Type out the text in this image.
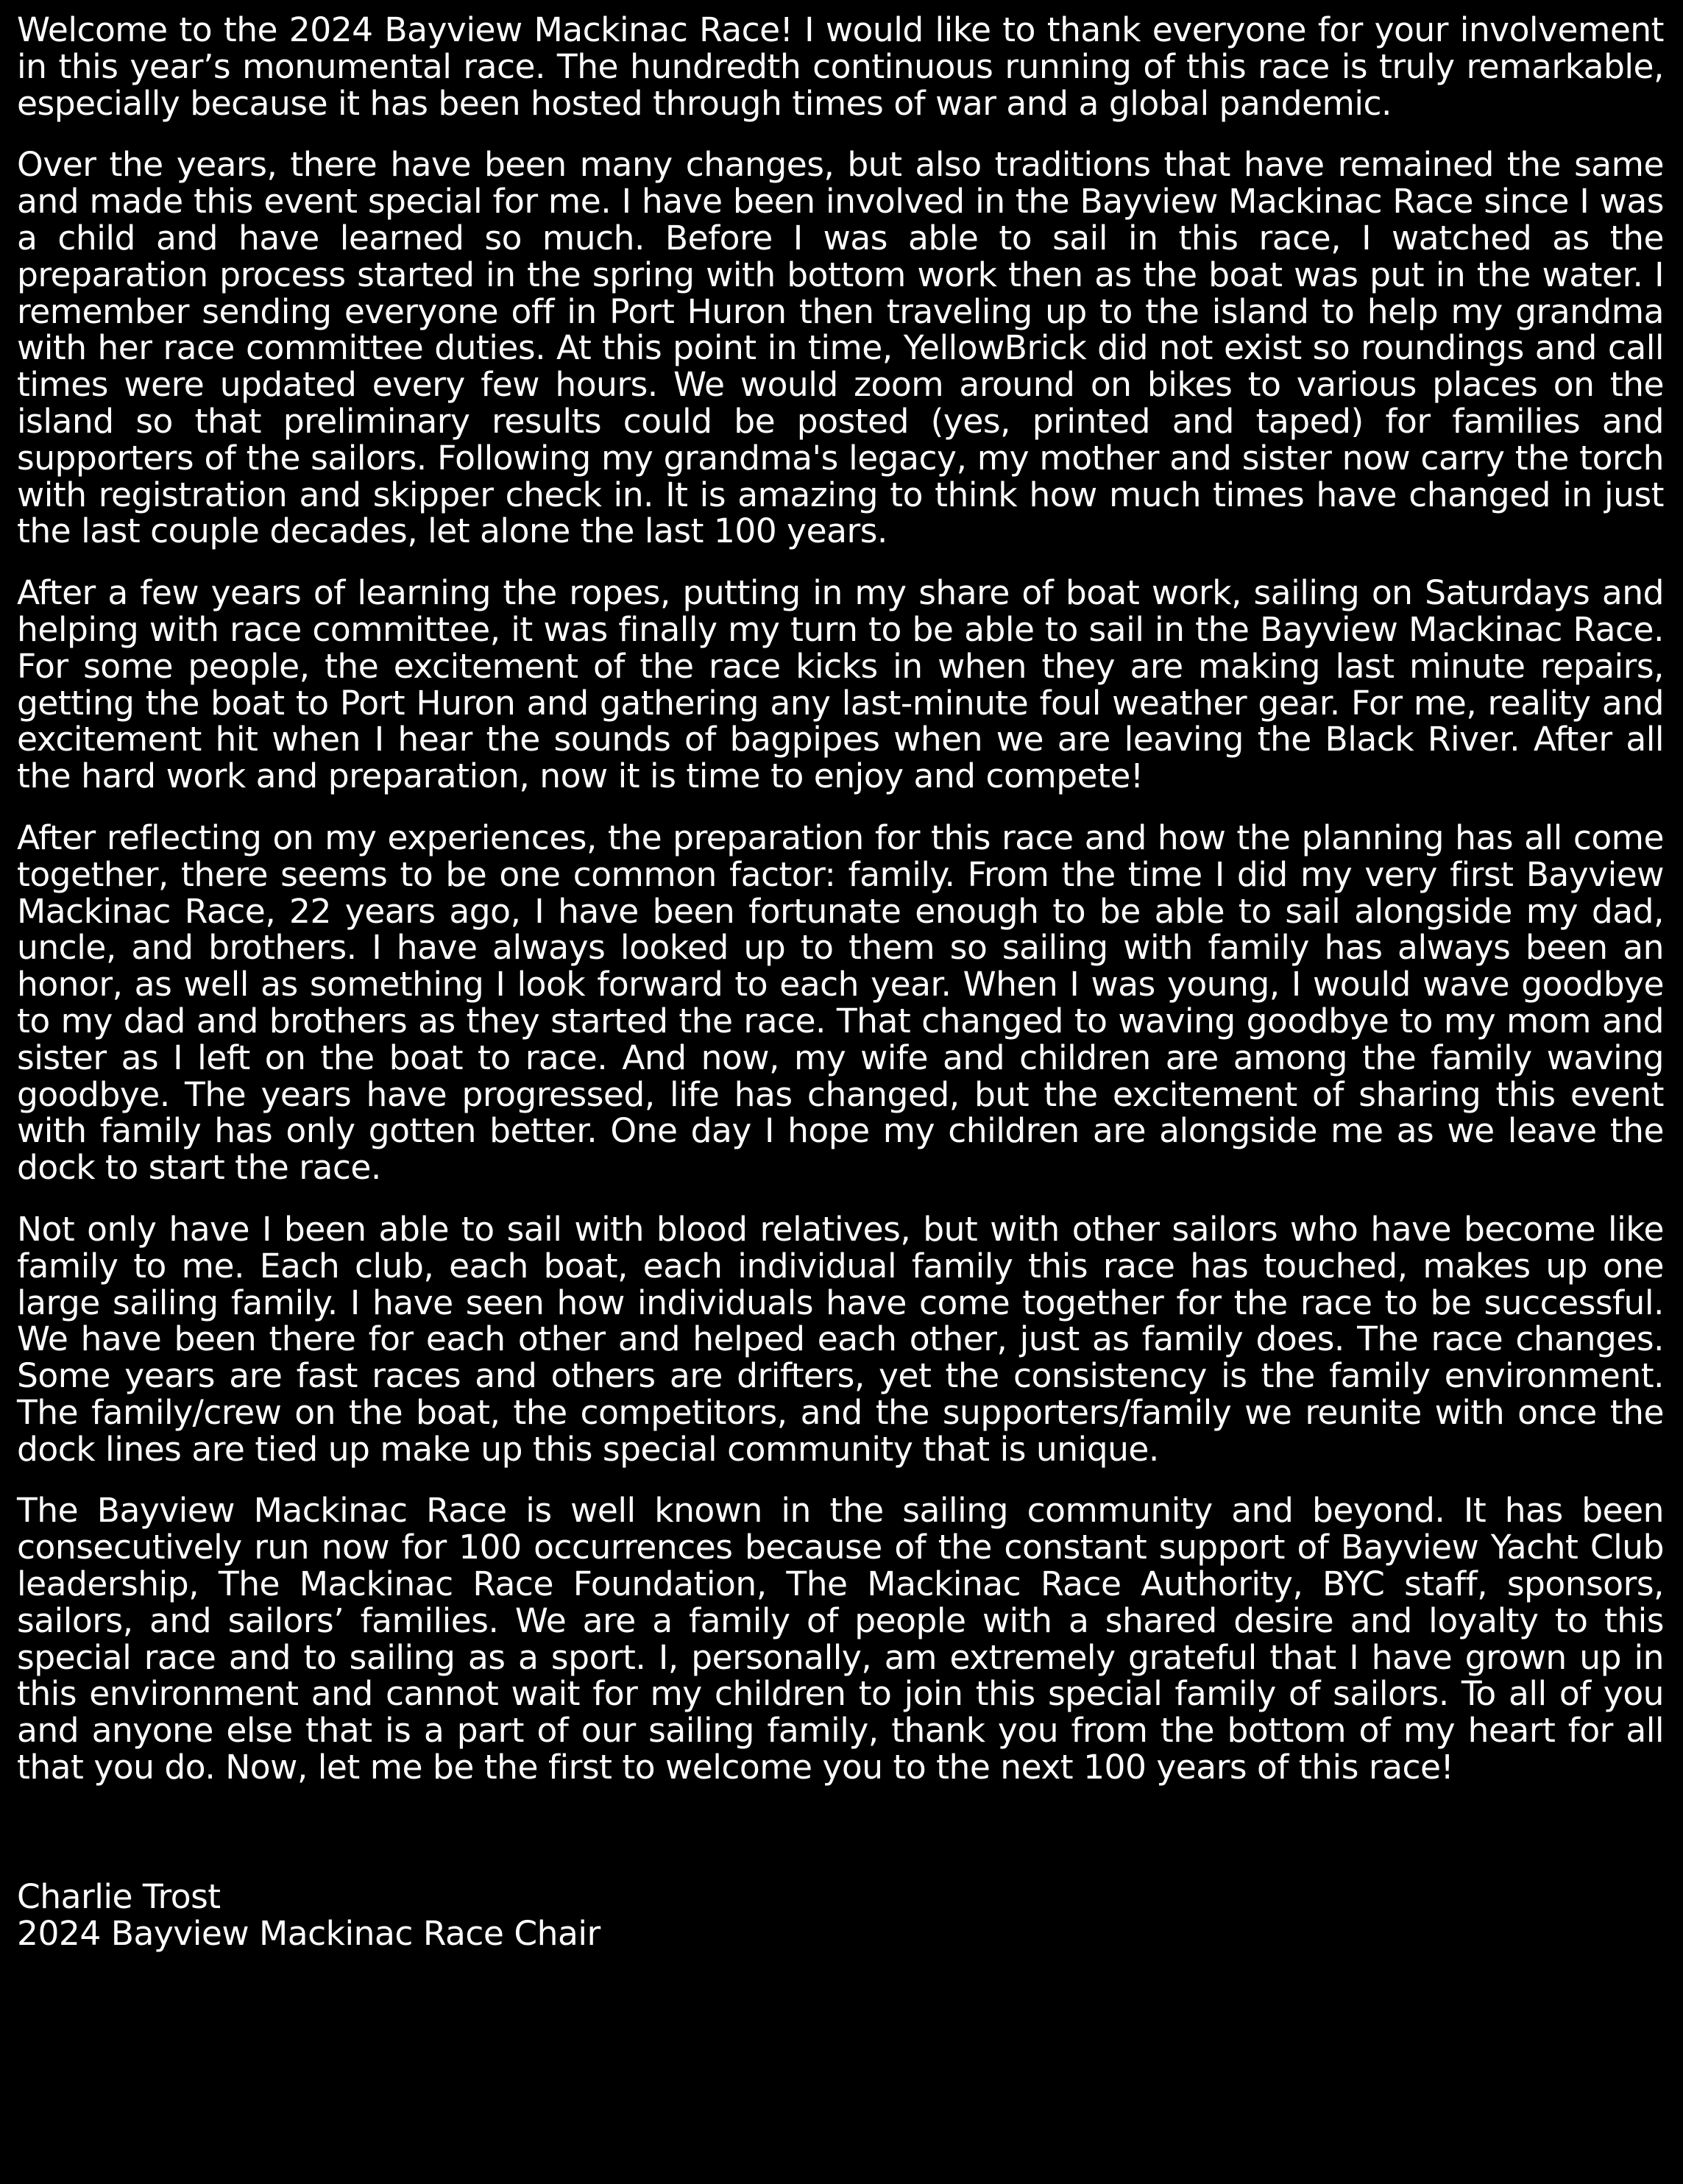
Welcome to the 2024 Bayview Mackinac Race! I would like to thank everyone for your involvement in this year’s monumental race. The hundredth continuous running of this race is truly remarkable, especially because it has been hosted through times of war and a global pandemic.

Over the years, there have been many changes, but also traditions that have remained the same and made this event special for me. I have been involved in the Bayview Mackinac Race since I was a child and have learned so much. Before I was able to sail in this race, I watched as the preparation process started in the spring with bottom work then as the boat was put in the water. I remember sending everyone off in Port Huron then traveling up to the island to help my grandma with her race committee duties. At this point in time, YellowBrick did not exist so roundings and call times were updated every few hours. We would zoom around on bikes to various places on the island so that preliminary results could be posted (yes, printed and taped) for families and supporters of the sailors. Following my grandma's legacy, my mother and sister now carry the torch with registration and skipper check in. It is amazing to think how much times have changed in just the last couple decades, let alone the last 100 years.

After a few years of learning the ropes, putting in my share of boat work, sailing on Saturdays and helping with race committee, it was finally my turn to be able to sail in the Bayview Mackinac Race. For some people, the excitement of the race kicks in when they are making last minute repairs, getting the boat to Port Huron and gathering any last-minute foul weather gear. For me, reality and excitement hit when I hear the sounds of bagpipes when we are leaving the Black River. After all the hard work and preparation, now it is time to enjoy and compete!

After reflecting on my experiences, the preparation for this race and how the planning has all come together, there seems to be one common factor: family. From the time I did my very first Bayview Mackinac Race, 22 years ago, I have been fortunate enough to be able to sail alongside my dad, uncle, and brothers. I have always looked up to them so sailing with family has always been an honor, as well as something I look forward to each year. When I was young, I would wave goodbye to my dad and brothers as they started the race. That changed to waving goodbye to my mom and sister as I left on the boat to race. And now, my wife and children are among the family waving goodbye. The years have progressed, life has changed, but the excitement of sharing this event with family has only gotten better. One day I hope my children are alongside me as we leave the dock to start the race.

Not only have I been able to sail with blood relatives, but with other sailors who have become like family to me. Each club, each boat, each individual family this race has touched, makes up one large sailing family. I have seen how individuals have come together for the race to be successful. We have been there for each other and helped each other, just as family does. The race changes. Some years are fast races and others are drifters, yet the consistency is the family environment. The family/crew on the boat, the competitors, and the supporters/family we reunite with once the dock lines are tied up make up this special community that is unique.

The Bayview Mackinac Race is well known in the sailing community and beyond. It has been consecutively run now for 100 occurrences because of the constant support of Bayview Yacht Club leadership, The Mackinac Race Foundation, The Mackinac Race Authority, BYC staff, sponsors, sailors, and sailors’ families. We are a family of people with a shared desire and loyalty to this special race and to sailing as a sport. I, personally, am extremely grateful that I have grown up in this environment and cannot wait for my children to join this special family of sailors. To all of you and anyone else that is a part of our sailing family, thank you from the bottom of my heart for all that you do. Now, let me be the first to welcome you to the next 100 years of this race!

Charlie Trost
2024 Bayview Mackinac Race Chair
